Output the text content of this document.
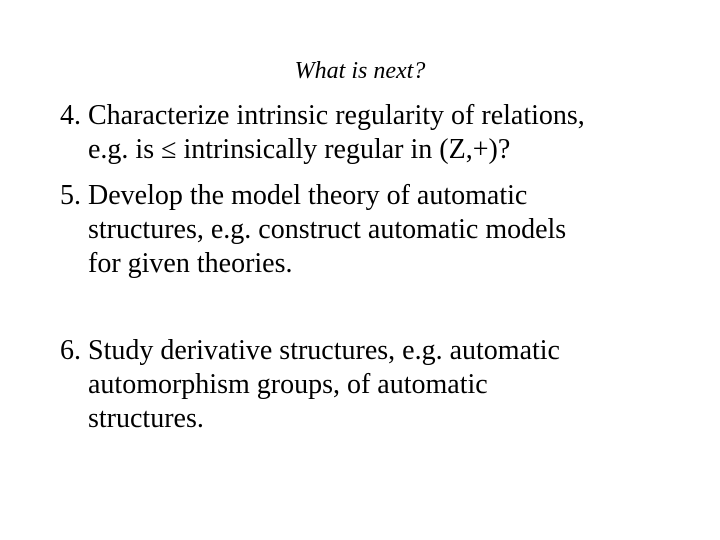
What is next?
4. Characterize intrinsic regularity of relations,
e.g. is ≤ intrinsically regular in (Z,+)?
5. Develop the model theory of automatic
structures, e.g. construct automatic models
for given theories.
6. Study derivative structures, e.g. automatic
automorphism groups, of automatic
structures.
